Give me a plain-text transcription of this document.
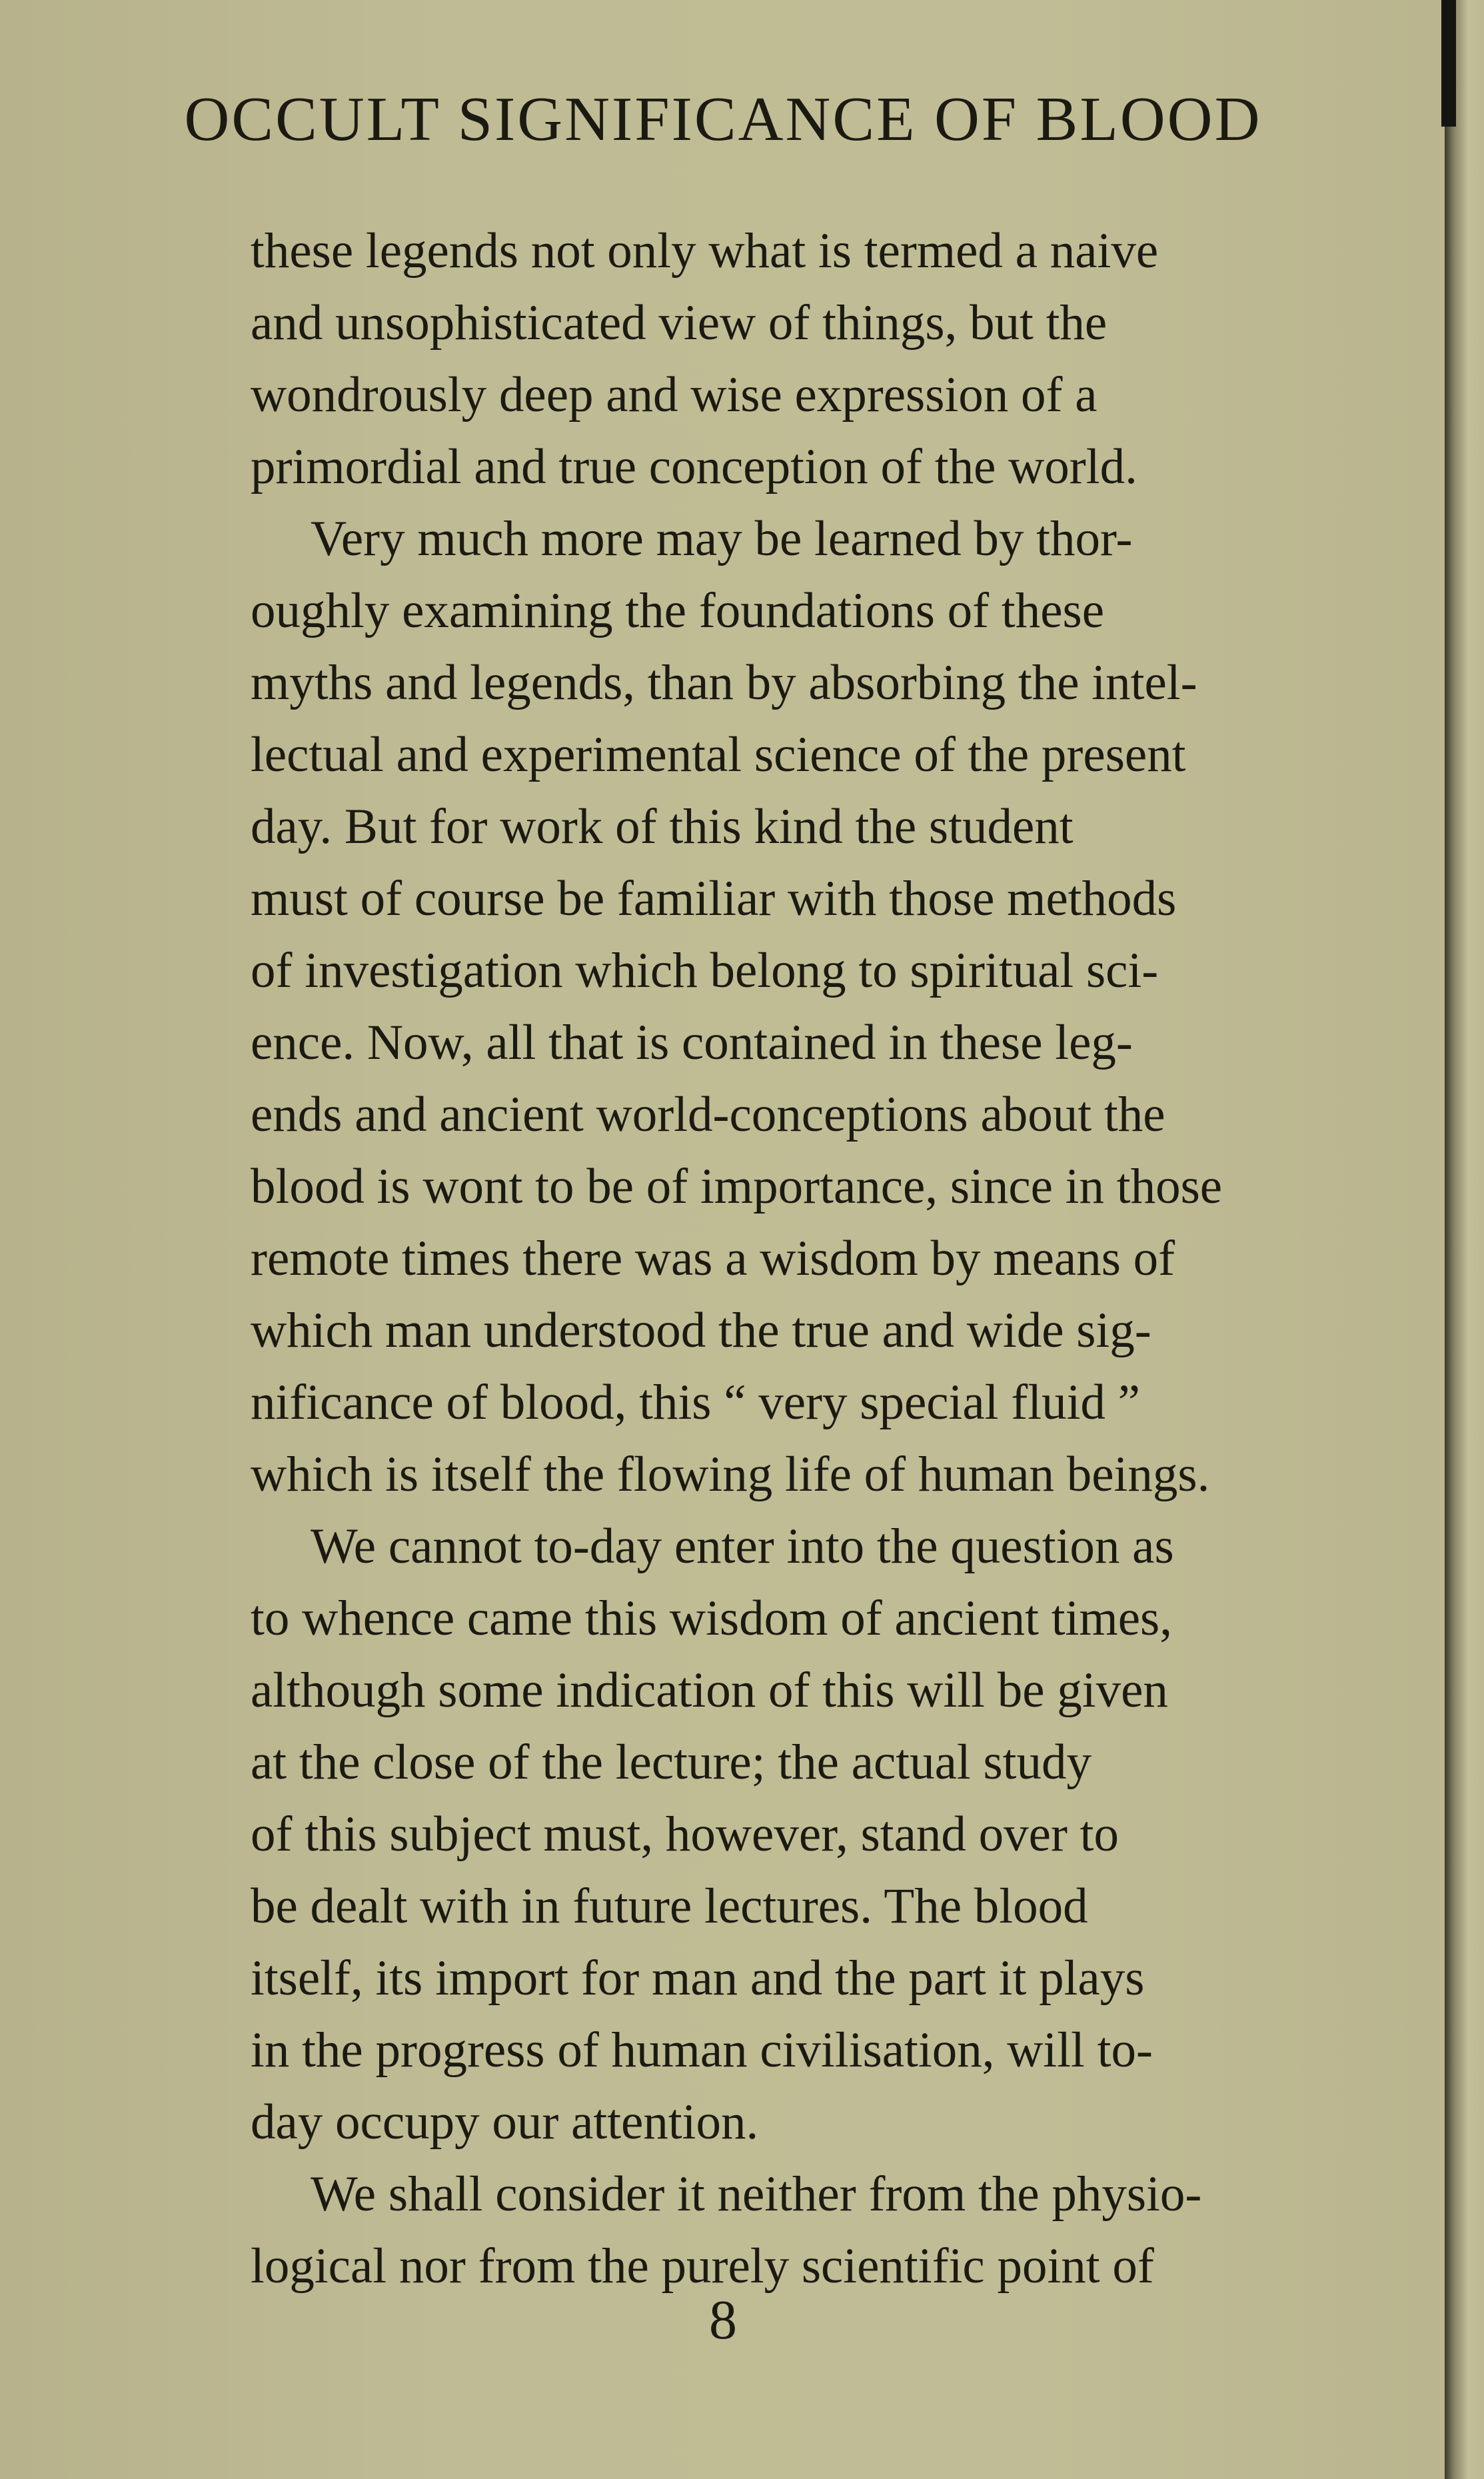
OCCULT SIGNIFICANCE OF BLOOD
these legends not only what is termed a naive
and unsophisticated view of things, but the
wondrously deep and wise expression of a
primordial and true conception of the world.
Very much more may be learned by thor-
oughly examining the foundations of these
myths and legends, than by absorbing the intel-
lectual and experimental science of the present
day. But for work of this kind the student
must of course be familiar with those methods
of investigation which belong to spiritual sci-
ence. Now, all that is contained in these leg-
ends and ancient world-conceptions about the
blood is wont to be of importance, since in those
remote times there was a wisdom by means of
which man understood the true and wide sig-
nificance of blood, this “ very special fluid ”
which is itself the flowing life of human beings.
We cannot to-day enter into the question as
to whence came this wisdom of ancient times,
although some indication of this will be given
at the close of the lecture; the actual study
of this subject must, however, stand over to
be dealt with in future lectures. The blood
itself, its import for man and the part it plays
in the progress of human civilisation, will to-
day occupy our attention.
We shall consider it neither from the physio-
logical nor from the purely scientific point of
8
